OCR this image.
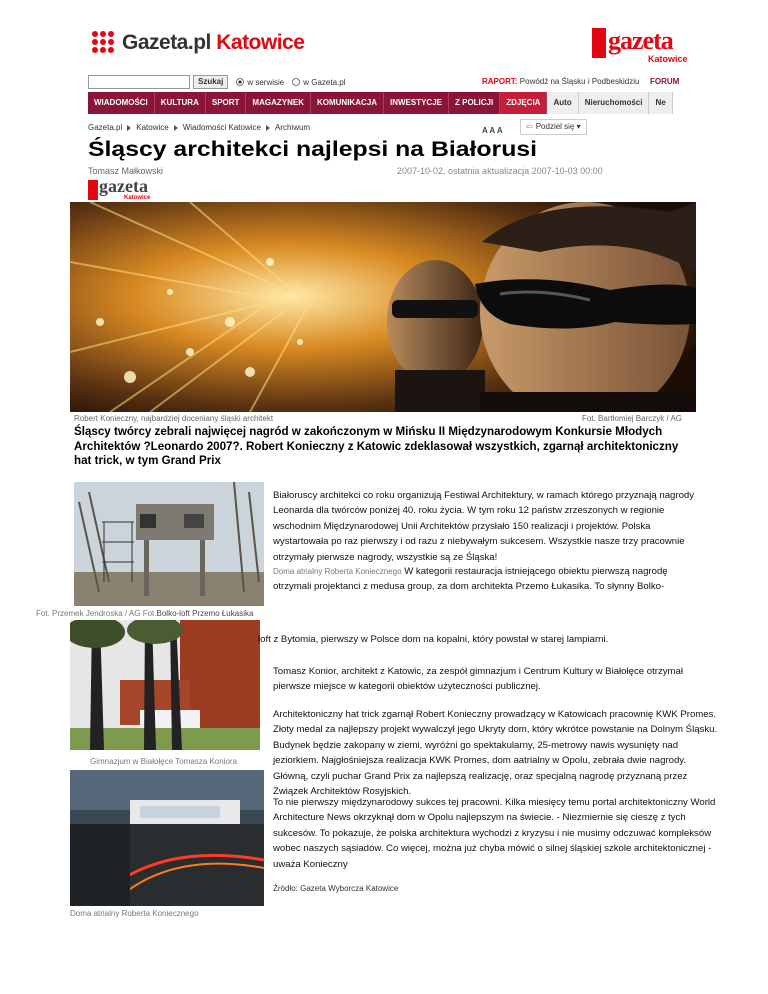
Gazeta.pl Katowice	gazeta
Katowice
Szukaj	w serwisie w Gazeta.pl	RAPORT: Powódź na Śląsku i Podbeskidziu FORUM
WIADOMOŚCI	KULTURA	SPORT	MAGAZYNEK	KOMUNIKACJA	INWESTYCJE	Z POLICJI	ZDJĘCIA	Auto	Nieruchomości	Ne
Gazeta.pl Katowice Wiadomości Katowice Archiwum	A A A	⇦ Podziel się ▾
Śląscy architekci najlepsi na Białorusi
Tomasz Małkowski	2007-10-02, ostatnia aktualizacja 2007-10-03 00:00
gazeta
Katowice
Robert Konieczny, najbardziej doceniany śląski architekt	Fot. Bartłomiej Barczyk / AG
Śląscy twórcy zebrali najwięcej nagród w zakończonym w Mińsku II Międzynarodowym Konkursie Młodych Architektów ?Leonardo 2007?. Robert Konieczny z Katowic zdeklasował wszystkich, zgarnął architektoniczny hat trick, w tym Grand Prix
Fot. Przemek Jendroska / AG Fot.Bolko-loft Przemo Łukasika
Gimnazjum w Białołęce Tomasza Koniora
Doma atrialny Roberta Koniecznego
Białoruscy architekci co roku organizują Festiwal Architektury, w ramach którego przyznają nagrody Leonarda dla twórców poniżej 40. roku życia. W tym roku 12 państw zrzeszonych w regionie wschodnim Międzynarodowej Unii Architektów przysłało 150 realizacji i projektów. Polska wystartowała po raz pierwszy i od razu z niebywałym sukcesem. Wszystkie nasze trzy pracownie otrzymały pierwsze nagrody, wszystkie są ze Śląska!
Doma atrialny Roberta Koniecznego W kategorii restauracja istniejącego obiektu pierwszą nagrodę otrzymali projektanci z medusa group, za dom architekta Przemo Łukasika. To słynny Bolko-
loft z Bytomia, pierwszy w Polsce dom na kopalni, który powstał w starej lampiarni.
Tomasz Konior, architekt z Katowic, za zespół gimnazjum i Centrum Kultury w Białołęce otrzymał pierwsze miejsce w kategorii obiektów użyteczności publicznej.
Architektoniczny hat trick zgarnął Robert Konieczny prowadzący w Katowicach pracownię KWK Promes. Złoty medal za najlepszy projekt wywalczył jego Ukryty dom, który wkrótce powstanie na Dolnym Śląsku. Budynek będzie zakopany w ziemi, wyróżni go spektakularny, 25-metrowy nawis wysunięty nad jeziorkiem. Najgłośniejsza realizacja KWK Promes, dom aatrialny w Opolu, zebrała dwie nagrody. Główną, czyli puchar Grand Prix za najlepszą realizację, oraz specjalną nagrodę przyznaną przez Związek Architektów Rosyjskich.
To nie pierwszy międzynarodowy sukces tej pracowni. Kilka miesięcy temu portal architektoniczny World Architecture News okrzyknął dom w Opolu najlepszym na świecie. - Niezmiernie się cieszę z tych sukcesów. To pokazuje, że polska architektura wychodzi z kryzysu i nie musimy odczuwać kompleksów wobec naszych sąsiadów. Co więcej, można już chyba mówić o silnej śląskiej szkole architektonicznej - uważa Konieczny
Źródło: Gazeta Wyborcza Katowice
